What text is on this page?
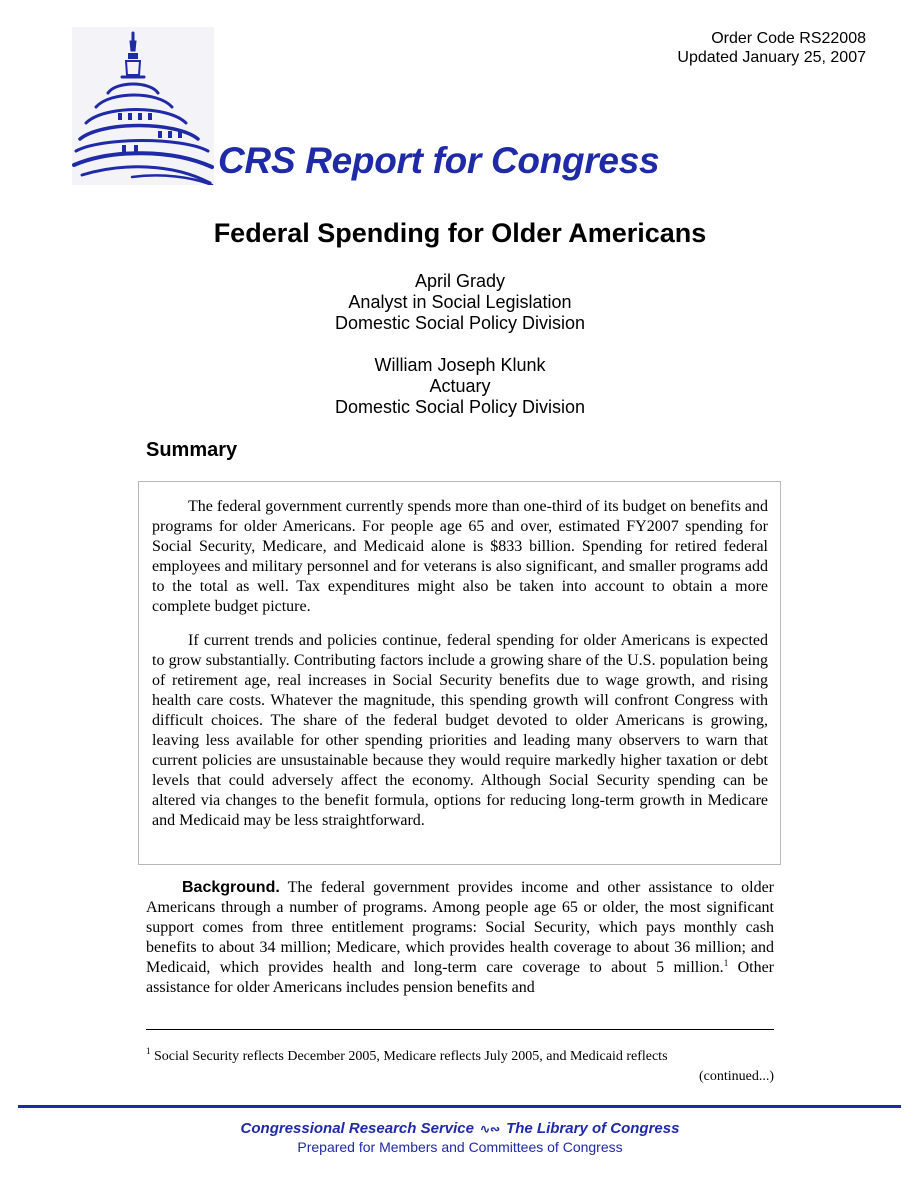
Order Code RS22008
Updated January 25, 2007
CRS Report for Congress
Federal Spending for Older Americans
April Grady
Analyst in Social Legislation
Domestic Social Policy Division
William Joseph Klunk
Actuary
Domestic Social Policy Division
Summary

The federal government currently spends more than one-third of its budget on benefits and programs for older Americans. For people age 65 and over, estimated FY2007 spending for Social Security, Medicare, and Medicaid alone is $833 billion. Spending for retired federal employees and military personnel and for veterans is also significant, and smaller programs add to the total as well. Tax expenditures might also be taken into account to obtain a more complete budget picture.

If current trends and policies continue, federal spending for older Americans is expected to grow substantially. Contributing factors include a growing share of the U.S. population being of retirement age, real increases in Social Security benefits due to wage growth, and rising health care costs. Whatever the magnitude, this spending growth will confront Congress with difficult choices. The share of the federal budget devoted to older Americans is growing, leaving less available for other spending priorities and leading many observers to warn that current policies are unsustainable because they would require markedly higher taxation or debt levels that could adversely affect the economy. Although Social Security spending can be altered via changes to the benefit formula, options for reducing long-term growth in Medicare and Medicaid may be less straightforward.

Background. The federal government provides income and other assistance to older Americans through a number of programs. Among people age 65 or older, the most significant support comes from three entitlement programs: Social Security, which pays monthly cash benefits to about 34 million; Medicare, which provides health coverage to about 36 million; and Medicaid, which provides health and long-term care coverage to about 5 million.$^1$ Other assistance for older Americans includes pension benefits and

$^1$ Social Security reflects December 2005, Medicare reflects July 2005, and Medicaid reflects
(continued...)
Congressional Research Service ∿∾ The Library of Congress
Prepared for Members and Committees of Congress
